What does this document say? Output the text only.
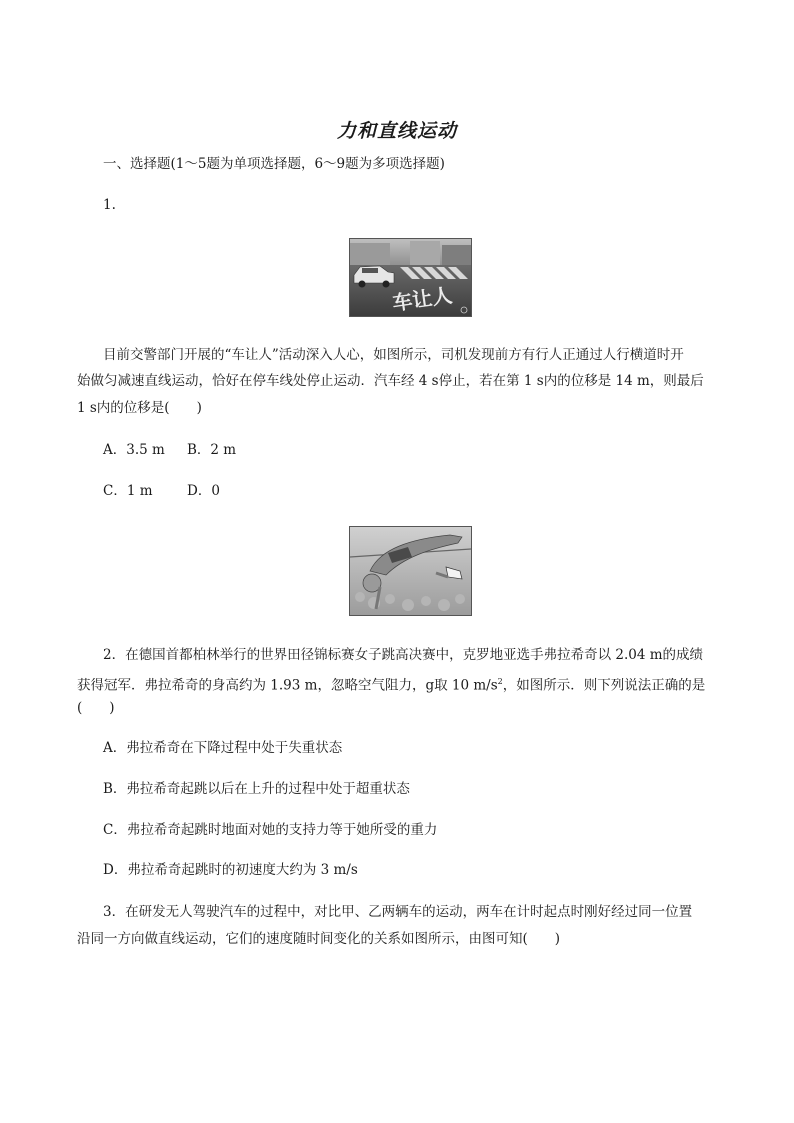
力和直线运动
一、选择题(1～5题为单项选择题，6～9题为多项选择题)
1.
车让人
目前交警部门开展的“车让人”活动深入人心，如图所示，司机发现前方有行人正通过人行横道时开
始做匀减速直线运动，恰好在停车线处停止运动．汽车经 4 s停止，若在第 1 s内的位移是 14 m，则最后
1 s内的位移是(　　)
A．3.5 m B．2 m
C．1 m	D．0
2．在德国首都柏林举行的世界田径锦标赛女子跳高决赛中，克罗地亚选手弗拉希奇以 2.04 m的成绩
获得冠军．弗拉希奇的身高约为 1.93 m，忽略空气阻力，g取 10 $m/s^2$，如图所示．则下列说法正确的是
(　　)
A．弗拉希奇在下降过程中处于失重状态
B．弗拉希奇起跳以后在上升的过程中处于超重状态
C．弗拉希奇起跳时地面对她的支持力等于她所受的重力
D．弗拉希奇起跳时的初速度大约为 3 m/s
3．在研发无人驾驶汽车的过程中，对比甲、乙两辆车的运动，两车在计时起点时刚好经过同一位置
沿同一方向做直线运动，它们的速度随时间变化的关系如图所示，由图可知(　　)
